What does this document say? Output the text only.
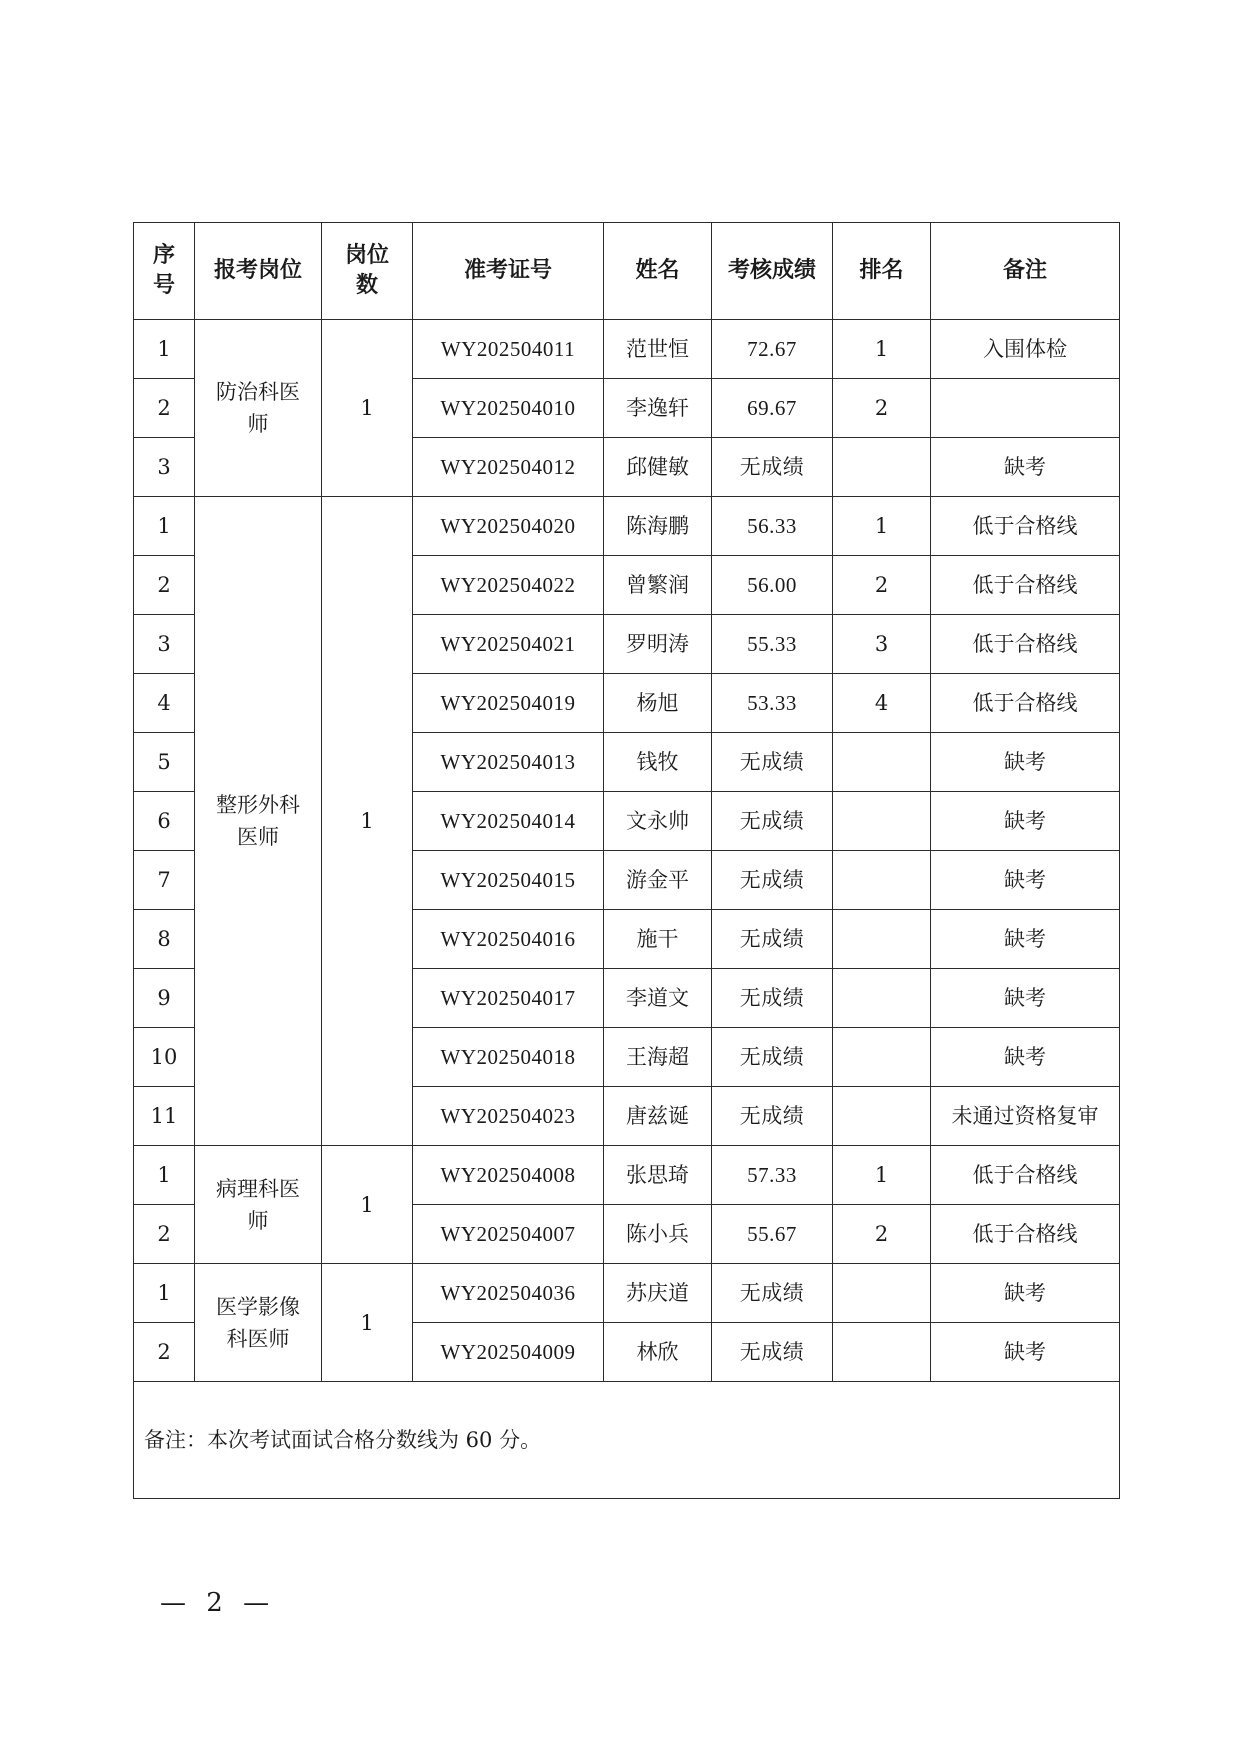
序号	报考岗位	岗位数	准考证号	姓名	考核成绩	排名	备注
1	防治科医师	1	WY202504011	范世恒	72.67	1	入围体检
2			WY202504010	李逸轩	69.67	2	
3			WY202504012	邱健敏	无成绩		缺考
1	整形外科医师	1	WY202504020	陈海鹏	56.33	1	低于合格线
2			WY202504022	曾繁润	56.00	2	低于合格线
3			WY202504021	罗明涛	55.33	3	低于合格线
4			WY202504019	杨旭	53.33	4	低于合格线
5			WY202504013	钱牧	无成绩		缺考
6			WY202504014	文永帅	无成绩		缺考
7			WY202504015	游金平	无成绩		缺考
8			WY202504016	施干	无成绩		缺考
9			WY202504017	李道文	无成绩		缺考
10			WY202504018	王海超	无成绩		缺考
11			WY202504023	唐兹诞	无成绩		未通过资格复审
1	病理科医师	1	WY202504008	张思琦	57.33	1	低于合格线
2			WY202504007	陈小兵	55.67	2	低于合格线
1	医学影像科医师	1	WY202504036	苏庆道	无成绩		缺考
2			WY202504009	林欣	无成绩		缺考
备注：本次考试面试合格分数线为 60 分。							
— 2 —
